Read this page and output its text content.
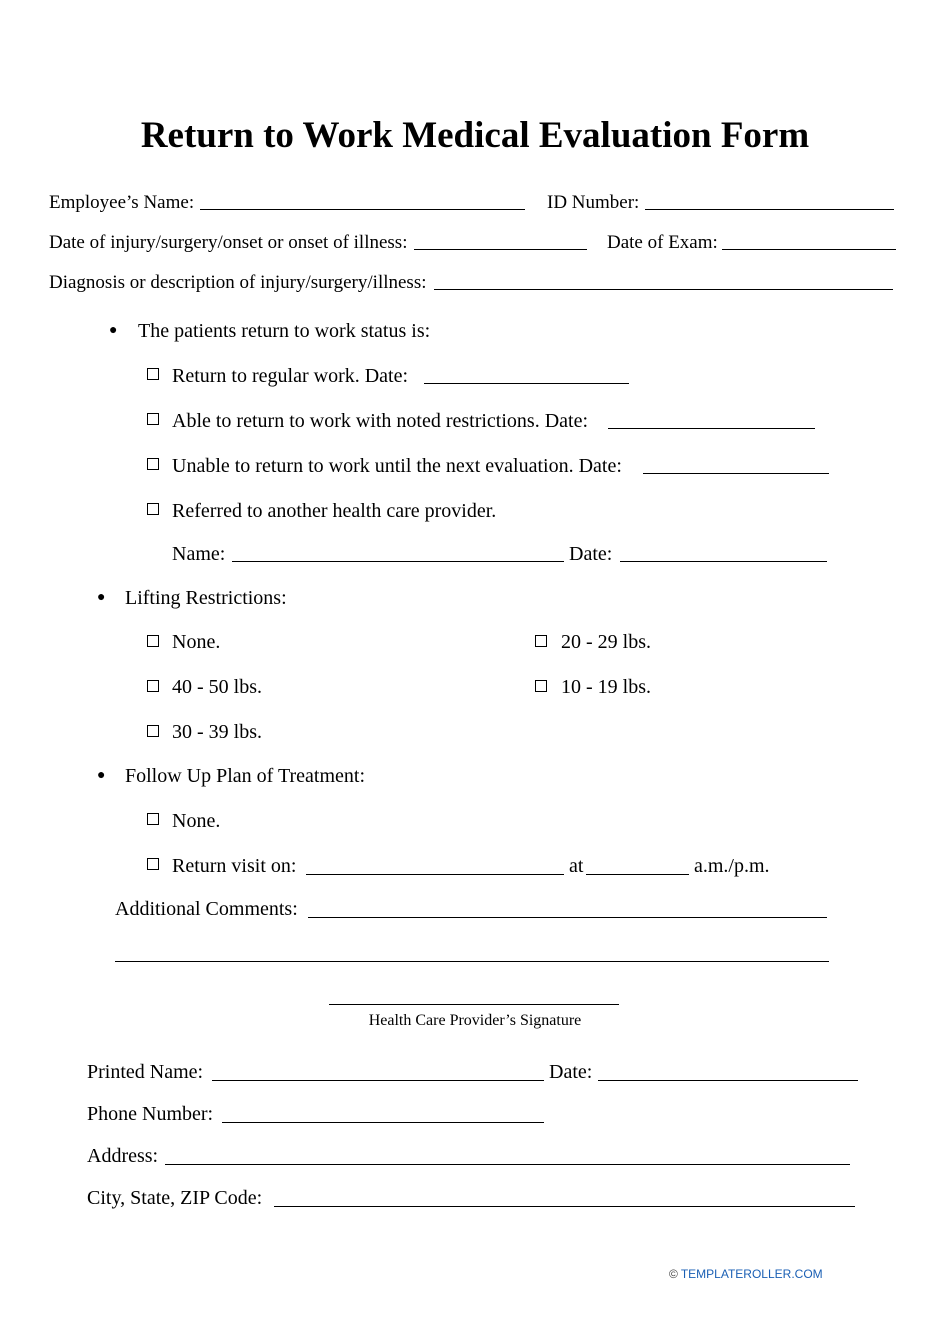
Return to Work Medical Evaluation Form
Employee’s Name:	ID Number:
Date of injury/surgery/onset or onset of illness:	Date of Exam:
Diagnosis or description of injury/surgery/illness:
● The patients return to work status is:
Return to regular work. Date:
Able to return to work with noted restrictions. Date:
Unable to return to work until the next evaluation. Date:
Referred to another health care provider.
Name:	Date:
● Lifting Restrictions:
None.	20 - 29 lbs.
40 - 50 lbs.	10 - 19 lbs.
30 - 39 lbs.
● Follow Up Plan of Treatment:
None.
Return visit on:	at	a.m./p.m.
Additional Comments:
Health Care Provider’s Signature
Printed Name:	Date:
Phone Number:
Address:
City, State, ZIP Code:
© TEMPLATEROLLER.COM
